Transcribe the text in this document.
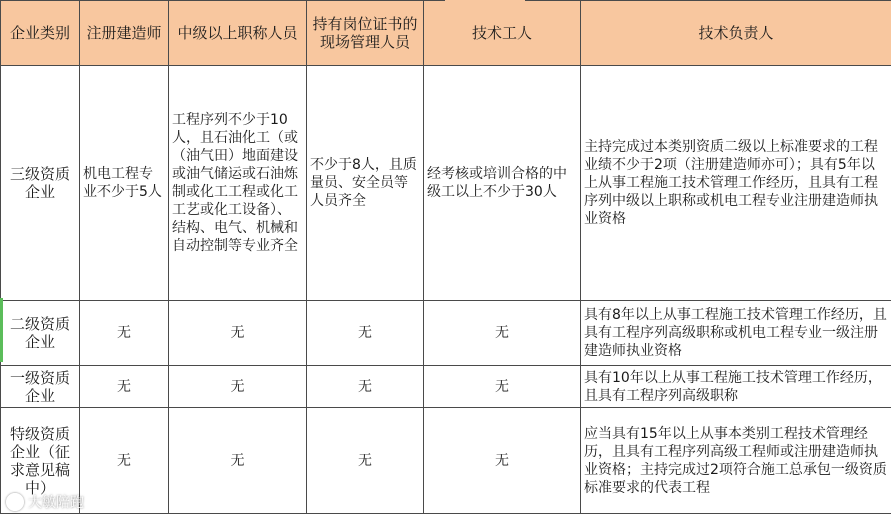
企业类别	注册建造师	中级以上职称人员	持有岗位证书的现场管理人员	技术工人	技术负责人
三级资质企业	机电工程专业不少于5人	工程序列不少于10人，且石油化工（或（油气田）地面建设或油气储运或石油炼制或化工工程或化工工艺或化工设备）、结构、电气、机械和自动控制等专业齐全	不少于8人，且质量员、安全员等人员齐全	经考核或培训合格的中级工以上不少于30人	主持完成过本类别资质二级以上标准要求的工程业绩不少于2项（注册建造师亦可）；具有5年以上从事工程施工技术管理工作经历，且具有工程序列中级以上职称或机电工程专业注册建造师执业资格
二级资质企业	无	无	无	无	具有8年以上从事工程施工技术管理工作经历，且具有工程序列高级职称或机电工程专业一级注册建造师执业资格
一级资质企业	无	无	无	无	具有10年以上从事工程施工技术管理工作经历，且具有工程序列高级职称
特级资质企业（征求意见稿中）	无	无	无	无	应当具有15年以上从事本类别工程技术管理经历，且具有工程序列高级工程师或注册建造师执业资格；主持完成过2项符合施工总承包一级资质标准要求的代表工程
大敏陪跑
